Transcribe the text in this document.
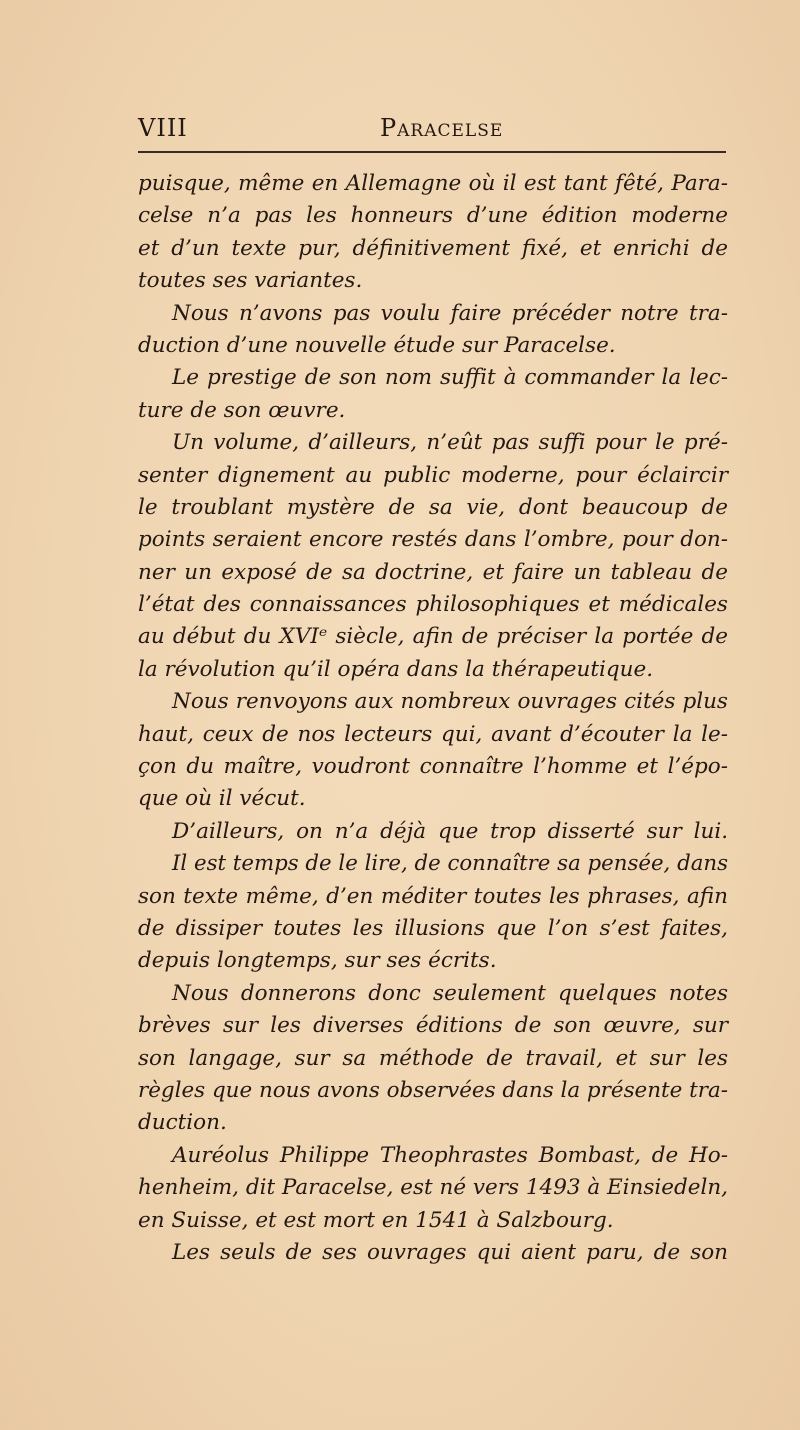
VIII	Paracelse
puisque, même en Allemagne où il est tant fêté, Para-
celse n’a pas les honneurs d’une édition moderne
et d’un texte pur, définitivement fixé, et enrichi de
toutes ses variantes.
Nous n’avons pas voulu faire précéder notre tra-
duction d’une nouvelle étude sur Paracelse.
Le prestige de son nom suffit à commander la lec-
ture de son œuvre.
Un volume, d’ailleurs, n’eût pas suffi pour le pré-
senter dignement au public moderne, pour éclaircir
le troublant mystère de sa vie, dont beaucoup de
points seraient encore restés dans l’ombre, pour don-
ner un exposé de sa doctrine, et faire un tableau de
l’état des connaissances philosophiques et médicales
au début du XVIᵉ siècle, afin de préciser la portée de
la révolution qu’il opéra dans la thérapeutique.
Nous renvoyons aux nombreux ouvrages cités plus
haut, ceux de nos lecteurs qui, avant d’écouter la le-
çon du maître, voudront connaître l’homme et l’épo-
que où il vécut.
D’ailleurs, on n’a déjà que trop disserté sur lui.
Il est temps de le lire, de connaître sa pensée, dans
son texte même, d’en méditer toutes les phrases, afin
de dissiper toutes les illusions que l’on s’est faites,
depuis longtemps, sur ses écrits.
Nous donnerons donc seulement quelques notes
brèves sur les diverses éditions de son œuvre, sur
son langage, sur sa méthode de travail, et sur les
règles que nous avons observées dans la présente tra-
duction.
Auréolus Philippe Theophrastes Bombast, de Ho-
henheim, dit Paracelse, est né vers 1493 à Einsiedeln,
en Suisse, et est mort en 1541 à Salzbourg.
Les seuls de ses ouvrages qui aient paru, de son
